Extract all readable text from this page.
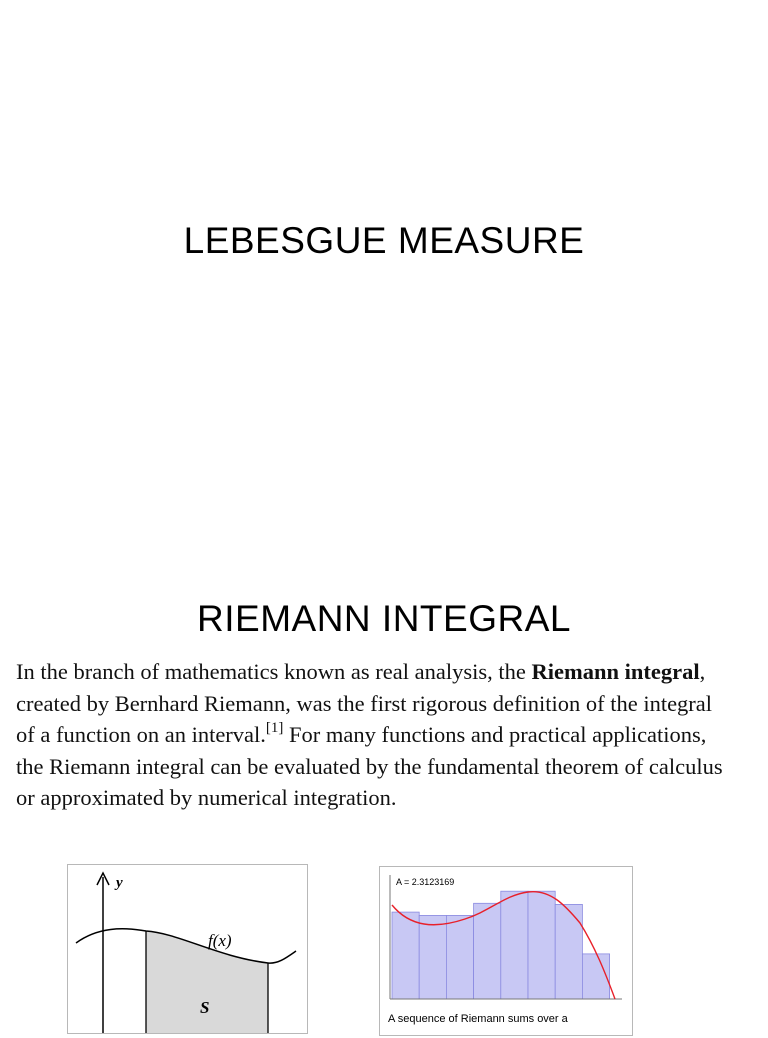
LEBESGUE MEASURE
RIEMANN INTEGRAL

In the branch of mathematics known as real analysis, the Riemann integral, created by Bernhard Riemann, was the first rigorous definition of the integral of a function on an interval.[1] For many functions and practical applications, the Riemann integral can be evaluated by the fundamental theorem of calculus or approximated by numerical integration.

y
f(x)
S
A = 2.3123169
A sequence of Riemann sums over a
